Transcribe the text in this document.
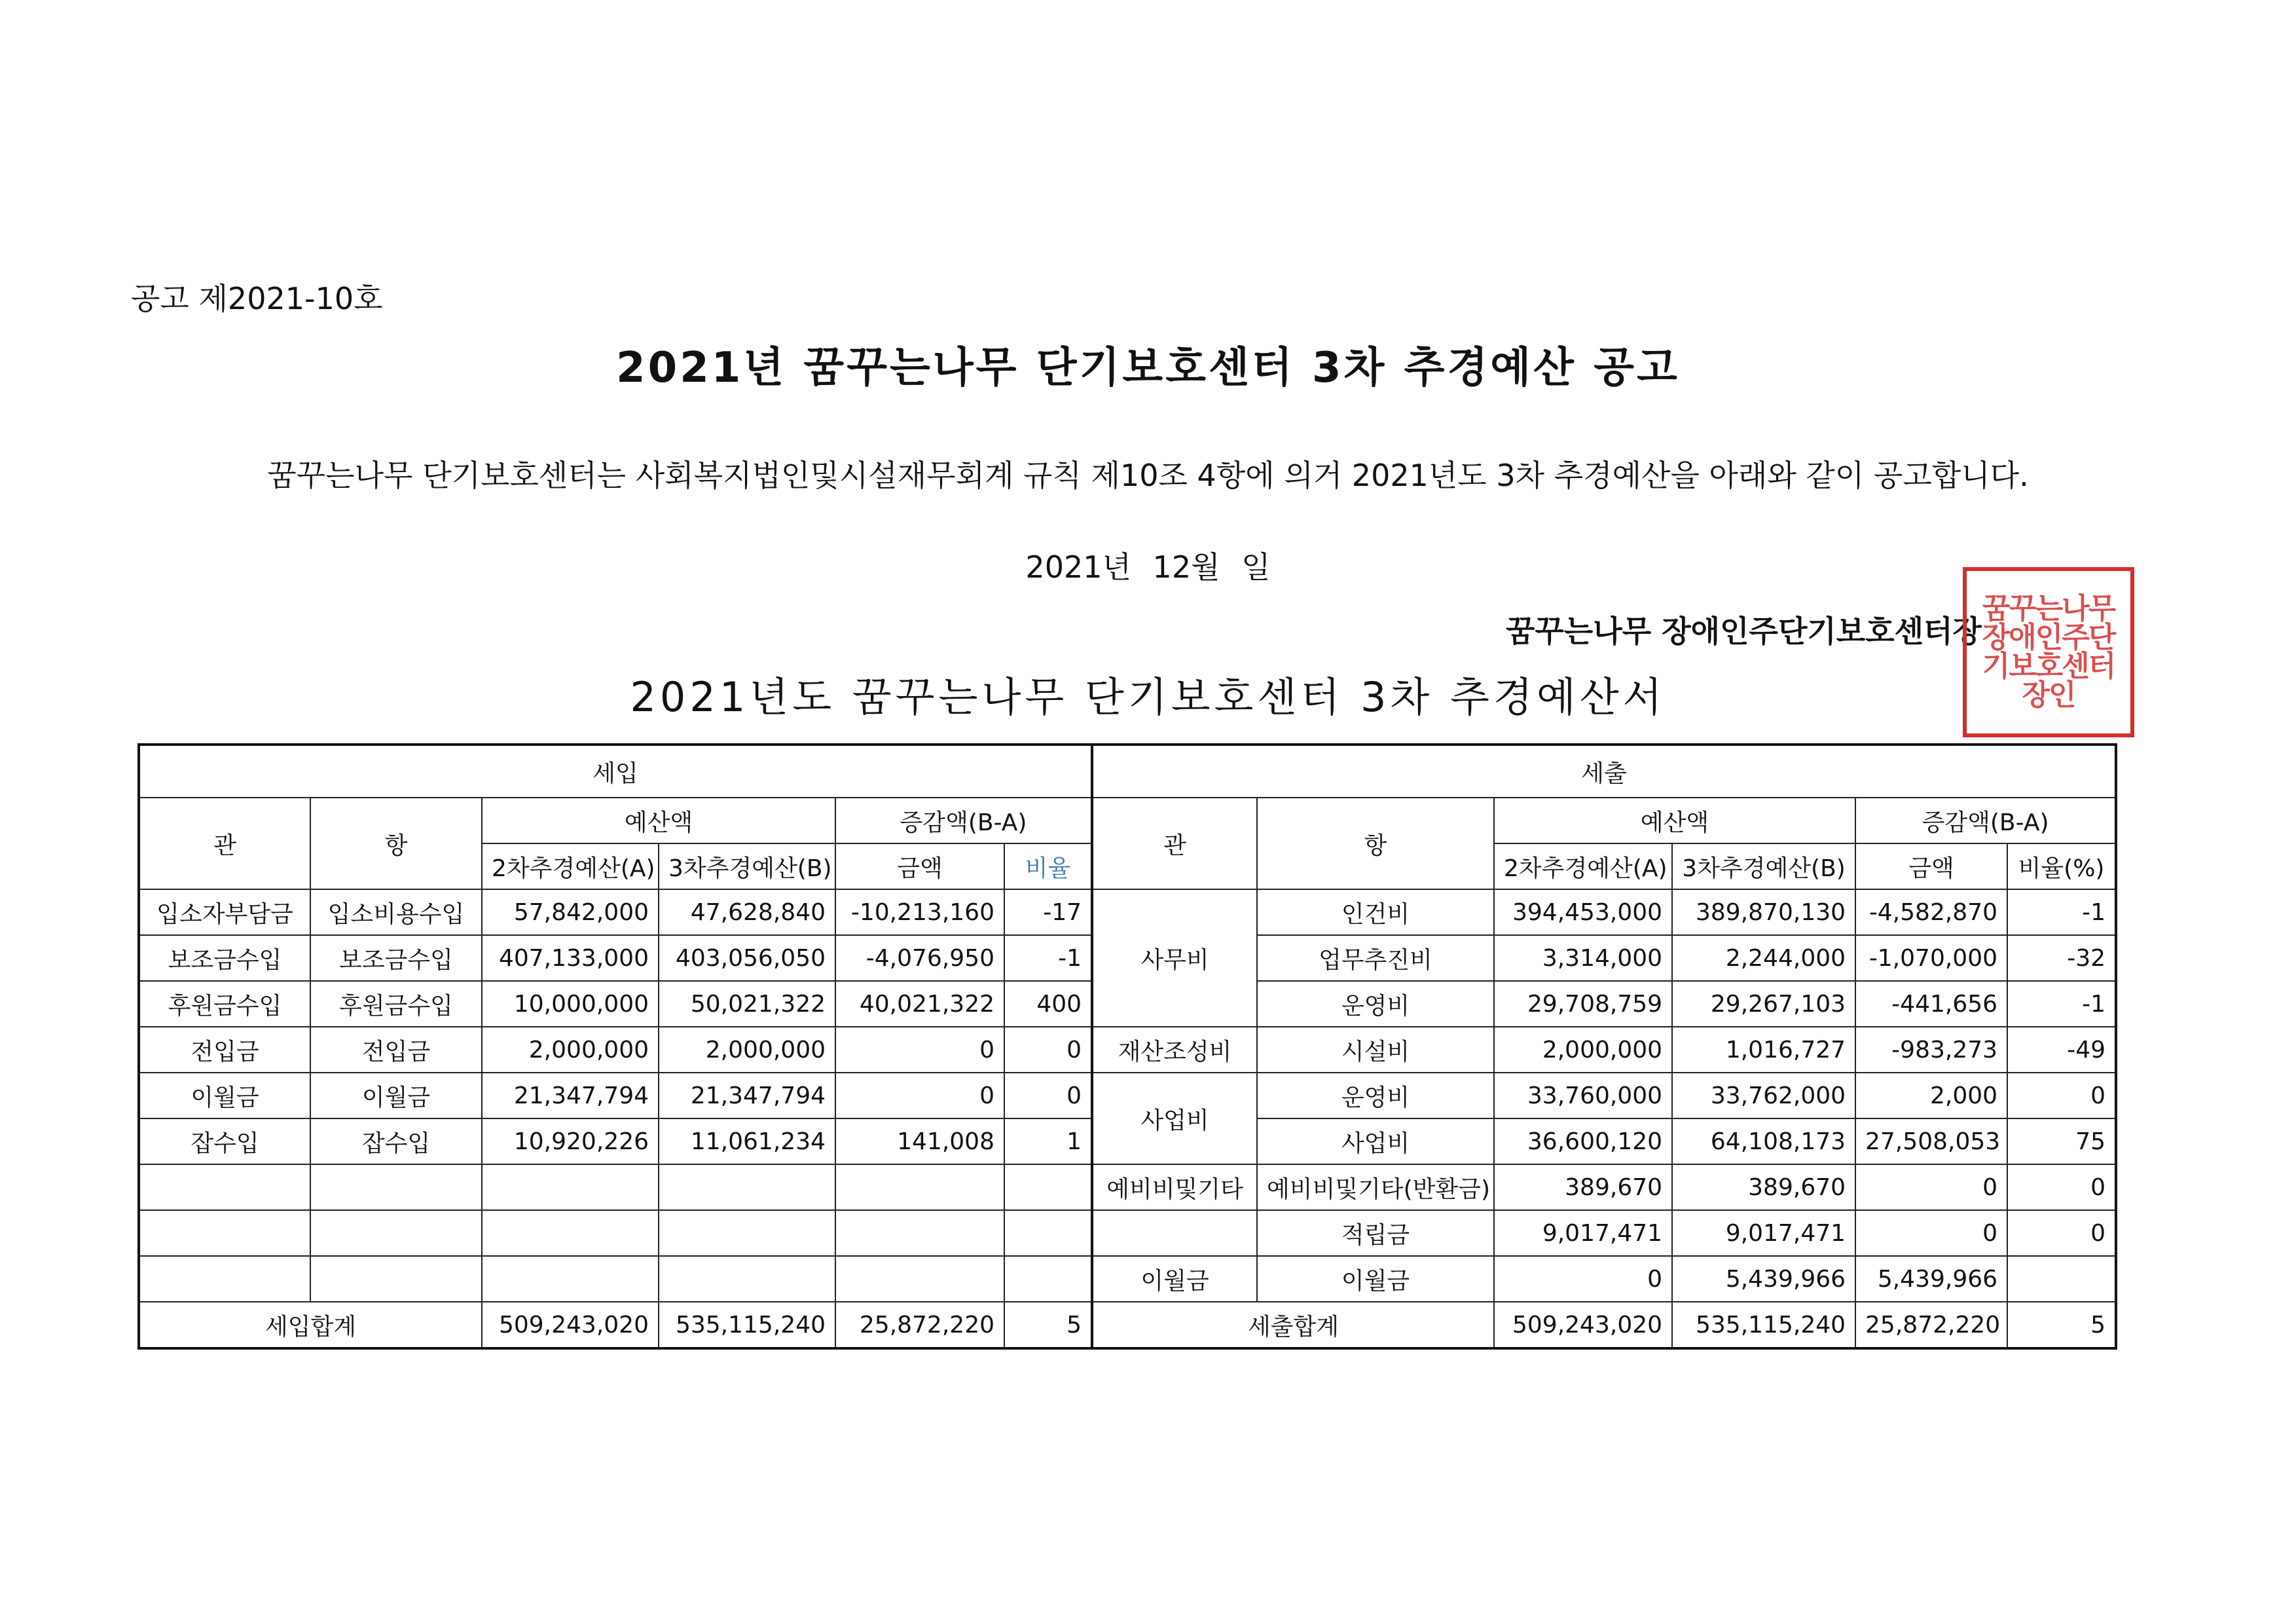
공고 제2021-10호
2021년 꿈꾸는나무 단기보호센터 3차 추경예산 공고
꿈꾸는나무 단기보호센터는 사회복지법인및시설재무회계 규칙 제10조 4항에 의거 2021년도 3차 추경예산을 아래와 같이 공고합니다.
2021년 12월 일
꿈꾸는나무 장애인주단기보호센터장
꿈꾸는나무장애인주단기보호센터장인
2021년도 꿈꾸는나무 단기보호센터 3차 추경예산서
세입						세출					
관	항	예산액		증감액(B-A)		관	항	예산액		증감액(B-A)	
		2차추경예산(A)	3차추경예산(B)	금액	비율			2차추경예산(A)	3차추경예산(B)	금액	비율(%)
입소자부담금	입소비용수입	57,842,000	47,628,840	-10,213,160	-17	사무비	인건비	394,453,000	389,870,130	-4,582,870	-1
보조금수입	보조금수입	407,133,000	403,056,050	-4,076,950	-1		업무추진비	3,314,000	2,244,000	-1,070,000	-32
후원금수입	후원금수입	10,000,000	50,021,322	40,021,322	400		운영비	29,708,759	29,267,103	-441,656	-1
전입금	전입금	2,000,000	2,000,000	0	0	재산조성비	시설비	2,000,000	1,016,727	-983,273	-49
이월금	이월금	21,347,794	21,347,794	0	0	사업비	운영비	33,760,000	33,762,000	2,000	0
잡수입	잡수입	10,920,226	11,061,234	141,008	1		사업비	36,600,120	64,108,173	27,508,053	75
						예비비및기타	예비비및기타(반환금)	389,670	389,670	0	0
							적립금	9,017,471	9,017,471	0	0
						이월금	이월금	0	5,439,966	5,439,966	
세입합계		509,243,020	535,115,240	25,872,220	5	세출합계		509,243,020	535,115,240	25,872,220	5
